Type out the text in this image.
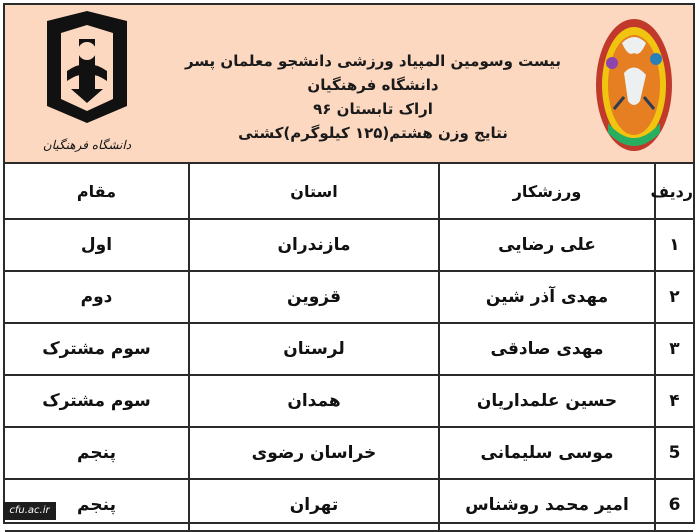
دانشگاه فرهنگیان
بیست وسومین المپیاد ورزشی دانشجو معلمان پسر دانشگاه فرهنگیان
اراک تابستان ۹۶
نتایج وزن هشتم(۱۲۵ کیلوگرم)کشتی
ردیف	ورزشکار	استان	مقام
۱	علی رضایی	مازندران	اول
۲	مهدی آذر شین	قزوین	دوم
۳	مهدی صادقی	لرستان	سوم مشترک
۴	حسین علمداریان	همدان	سوم مشترک
5	موسی سلیمانی	خراسان رضوی	پنجم
6	امیر محمد روشناس	تهران	پنجم
cfu.ac.ir
